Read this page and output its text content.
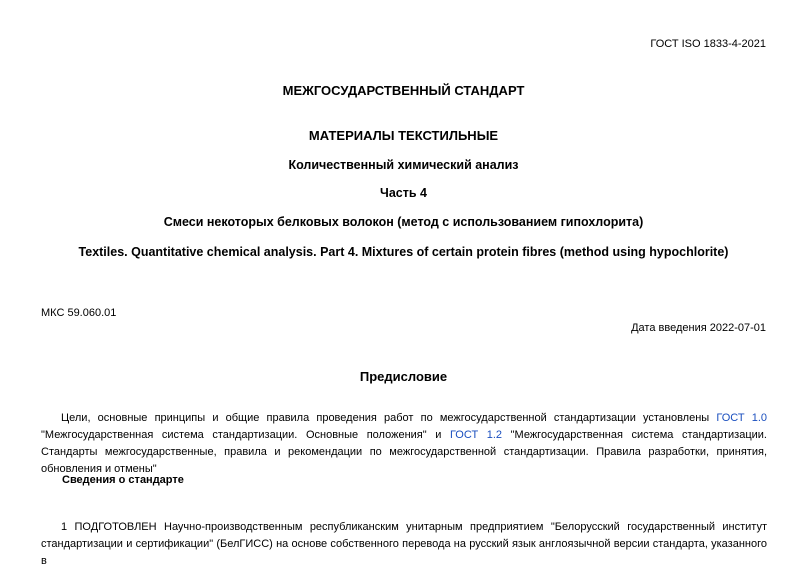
ГОСТ ISO 1833-4-2021
МЕЖГОСУДАРСТВЕННЫЙ СТАНДАРТ
МАТЕРИАЛЫ ТЕКСТИЛЬНЫЕ
Количественный химический анализ
Часть 4
Смеси некоторых белковых волокон (метод с использованием гипохлорита)
Textiles. Quantitative chemical analysis. Part 4. Mixtures of certain protein fibres (method using hypochlorite)
МКС 59.060.01
Дата введения 2022-07-01
Предисловие
Цели, основные принципы и общие правила проведения работ по межгосударственной стандартизации установлены ГОСТ 1.0 "Межгосударственная система стандартизации. Основные положения" и ГОСТ 1.2 "Межгосударственная система стандартизации. Стандарты межгосударственные, правила и рекомендации по межгосударственной стандартизации. Правила разработки, принятия, обновления и отмены"
Сведения о стандарте
1 ПОДГОТОВЛЕН Научно-производственным республиканским унитарным предприятием "Белорусский государственный институт стандартизации и сертификации" (БелГИСС) на основе собственного перевода на русский язык англоязычной версии стандарта, указанного в
